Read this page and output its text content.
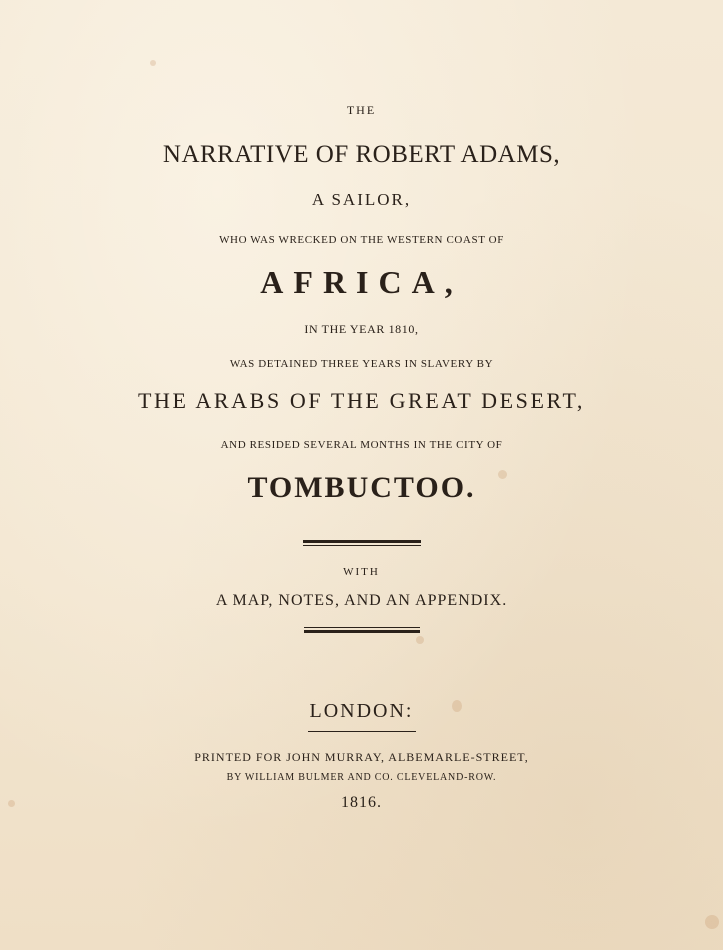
THE
NARRATIVE OF ROBERT ADAMS,
A SAILOR,
WHO WAS WRECKED ON THE WESTERN COAST OF
AFRICA,
IN THE YEAR 1810,
WAS DETAINED THREE YEARS IN SLAVERY BY
THE ARABS OF THE GREAT DESERT,
AND RESIDED SEVERAL MONTHS IN THE CITY OF
TOMBUCTOO.
WITH
A MAP, NOTES, AND AN APPENDIX.
LONDON:
PRINTED FOR JOHN MURRAY, ALBEMARLE-STREET,
BY WILLIAM BULMER AND CO. CLEVELAND-ROW.
1816.
